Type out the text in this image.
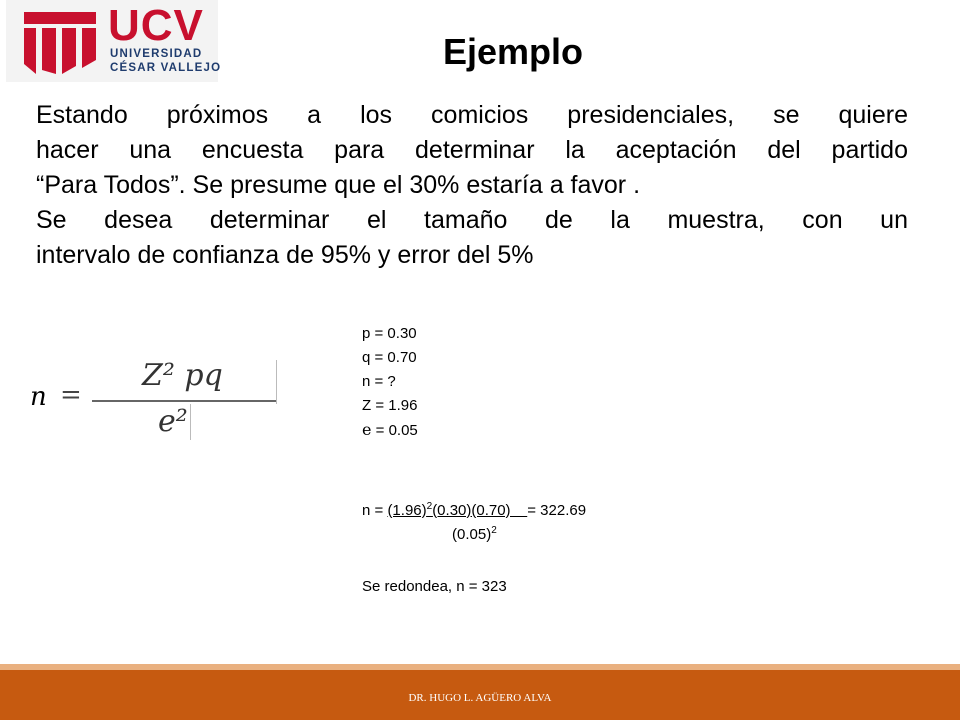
UCV
UNIVERSIDAD
CÉSAR VALLEJO	Ejemplo

Estando próximos a los comicios presidenciales, se quiere

hacer una encuesta para determinar la aceptación del partido

“Para Todos”. Se presume que el 30% estaría a favor .

Se desea determinar el tamaño de la muestra, con un

intervalo de confianza de 95% y error del 5%

n =
Z² pq
e²
p = 0.30
q = 0.70
n = ?
Z = 1.96
e = 0.05
$n = (1.96)^2(0.30)(0.70)$    = 322.69
$(0.05)^2$
Se redondea, n = 323
DR. HUGO L. AGÜERO ALVA
